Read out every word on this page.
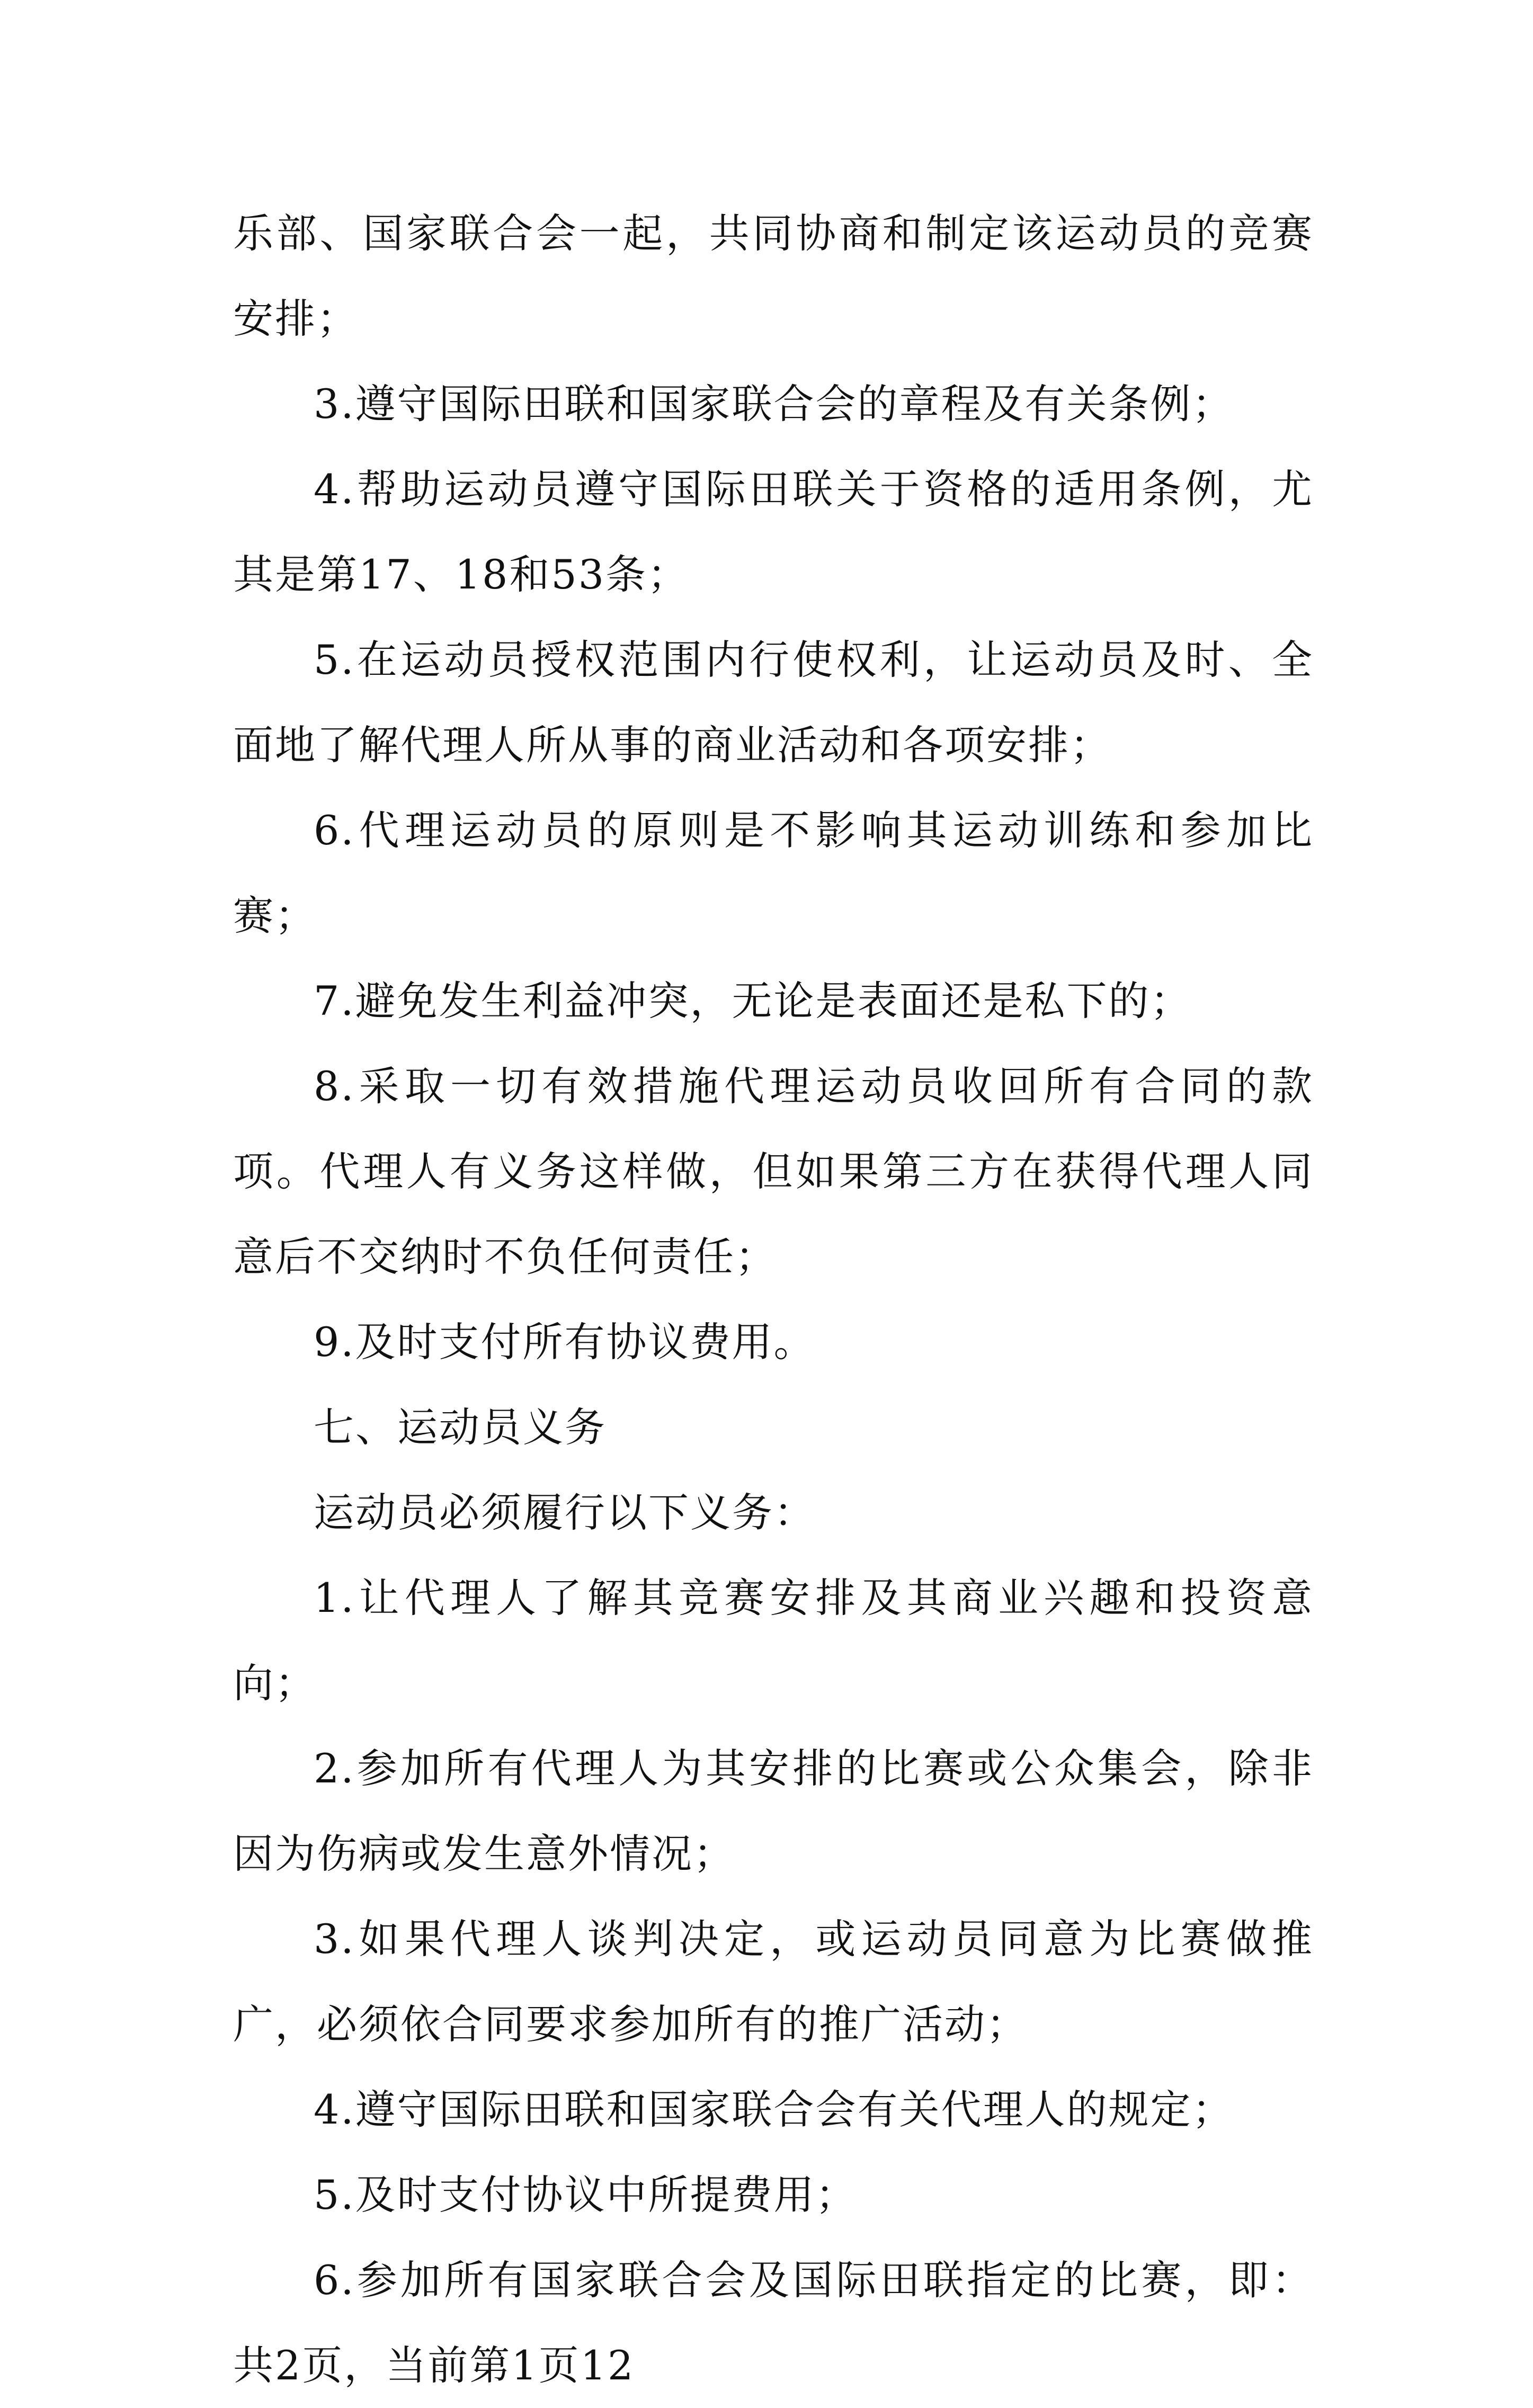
乐部、国家联合会一起，共同协商和制定该运动员的竞赛安排；

3.遵守国际田联和国家联合会的章程及有关条例；

4.帮助运动员遵守国际田联关于资格的适用条例，尤其是第17、18和53条；

5.在运动员授权范围内行使权利，让运动员及时、全面地了解代理人所从事的商业活动和各项安排；

6.代理运动员的原则是不影响其运动训练和参加比赛；

7.避免发生利益冲突，无论是表面还是私下的；

8.采取一切有效措施代理运动员收回所有合同的款项。代理人有义务这样做，但如果第三方在获得代理人同意后不交纳时不负任何责任；

9.及时支付所有协议费用。

七、运动员义务

运动员必须履行以下义务：

1.让代理人了解其竞赛安排及其商业兴趣和投资意向；

2.参加所有代理人为其安排的比赛或公众集会，除非因为伤病或发生意外情况；

3.如果代理人谈判决定，或运动员同意为比赛做推广，必须依合同要求参加所有的推广活动；

4.遵守国际田联和国家联合会有关代理人的规定；

5.及时支付协议中所提费用；

6.参加所有国家联合会及国际田联指定的比赛，即：共2页，当前第1页12
